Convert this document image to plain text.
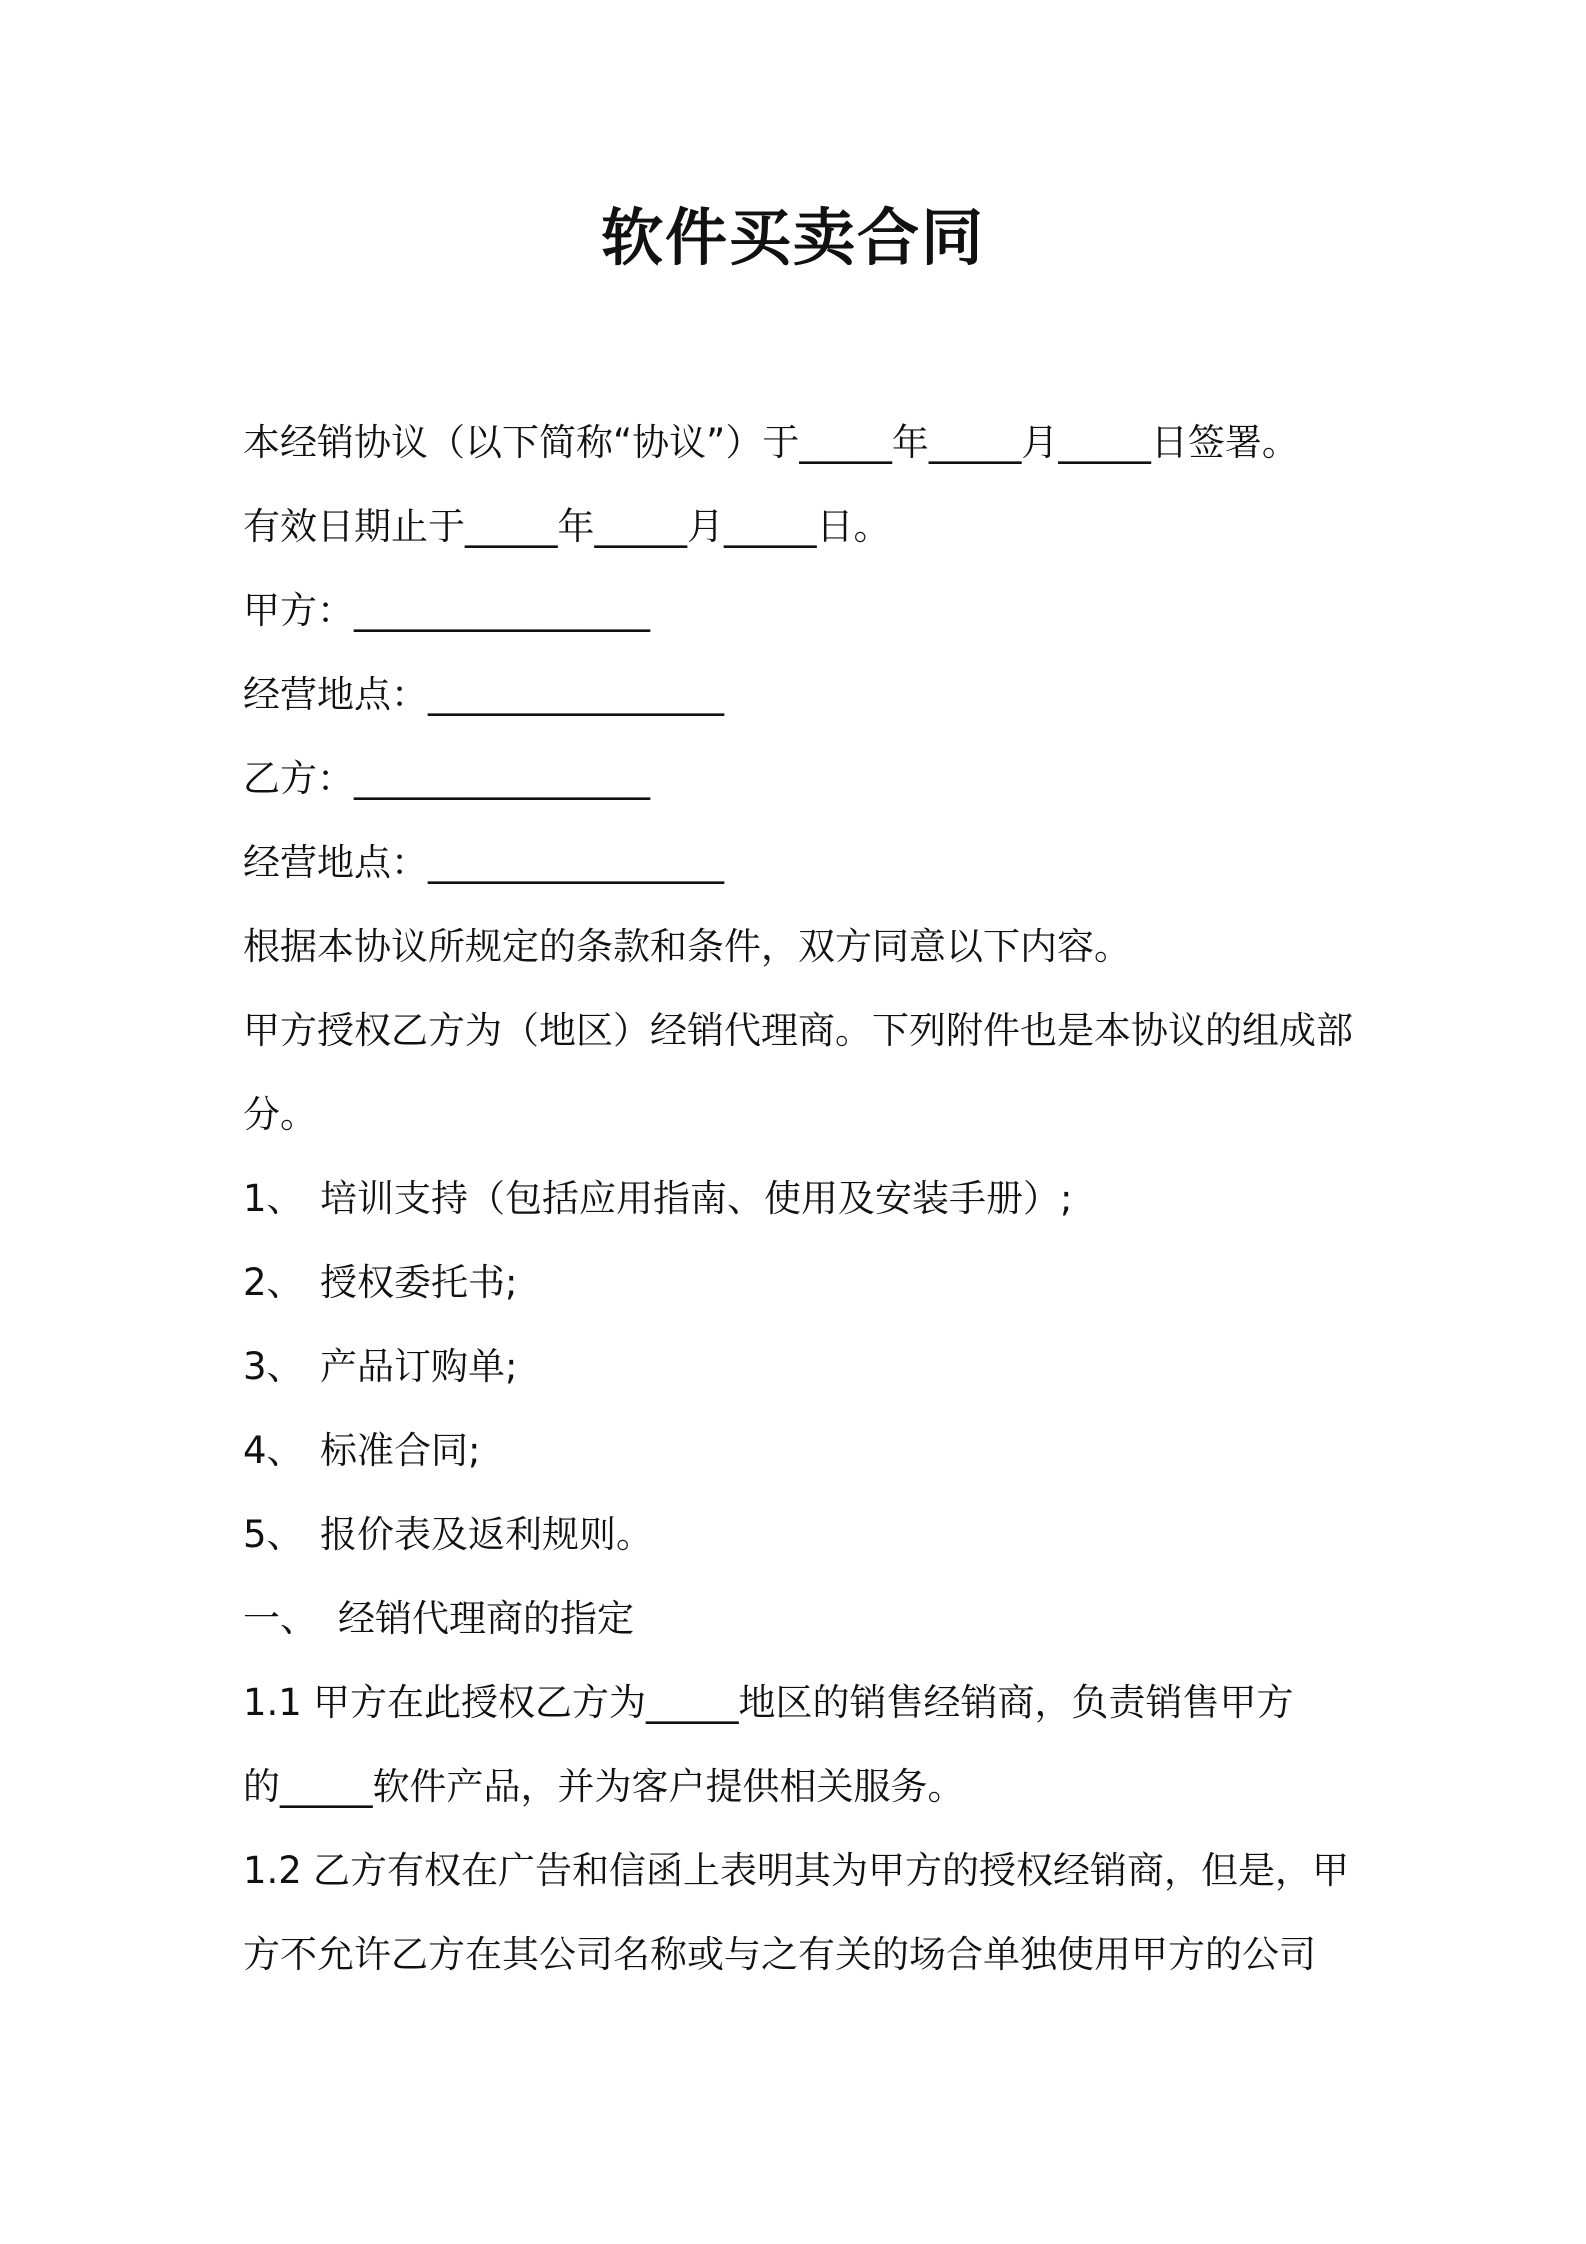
软件买卖合同
本经销协议（以下简称“协议”）于_____年_____月_____日签署。
有效日期止于_____年_____月_____日。
甲方：________________
经营地点：________________
乙方：________________
经营地点：________________
根据本协议所规定的条款和条件，双方同意以下内容。
甲方授权乙方为（地区）经销代理商。下列附件也是本协议的组成部
分。
1、 培训支持（包括应用指南、使用及安装手册）;
2、 授权委托书;
3、 产品订购单;
4、 标准合同;
5、 报价表及返利规则。
一、 经销代理商的指定
1.1 甲方在此授权乙方为_____地区的销售经销商，负责销售甲方
的_____软件产品，并为客户提供相关服务。
1.2 乙方有权在广告和信函上表明其为甲方的授权经销商，但是，甲
方不允许乙方在其公司名称或与之有关的场合单独使用甲方的公司
